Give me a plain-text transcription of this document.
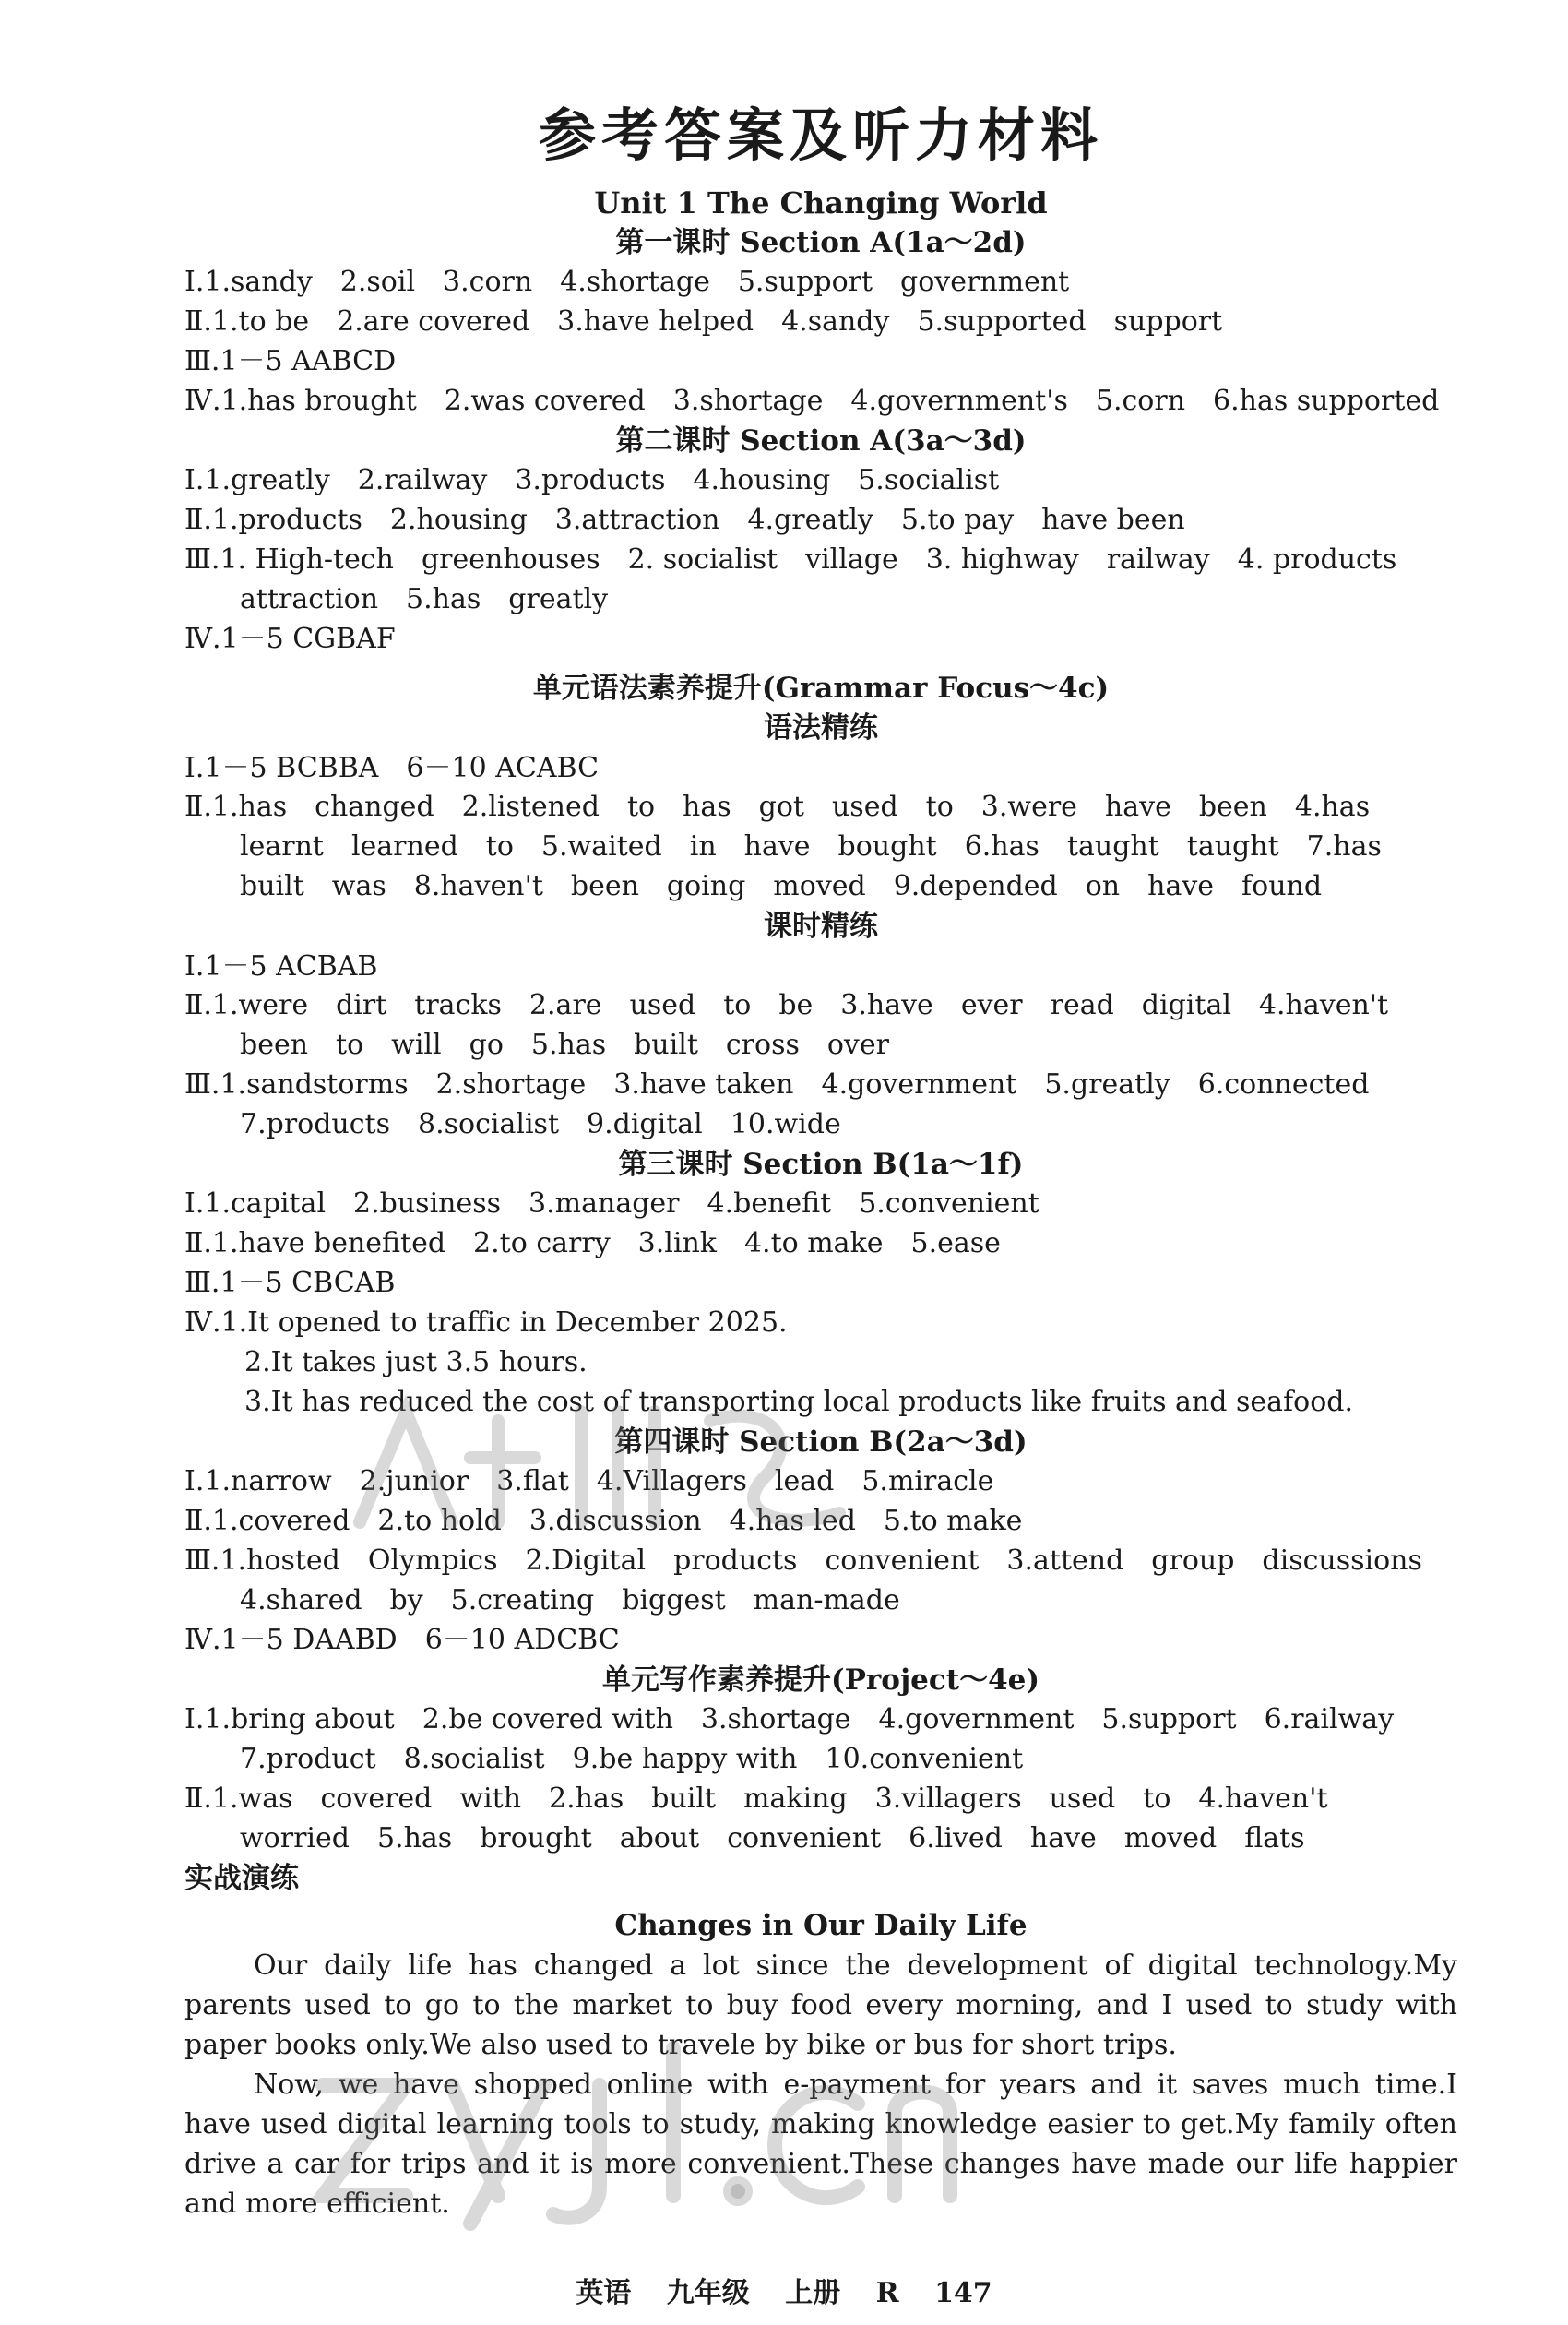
参考答案及听力材料
Unit 1 The Changing World
第一课时 Section A(1a～2d)
Ⅰ.1.sandy　2.soil　3.corn　4.shortage　5.support　government
Ⅱ.1.to be　2.are covered　3.have helped　4.sandy　5.supported　support
Ⅲ.1－5 AABCD
Ⅳ.1.has brought　2.was covered　3.shortage　4.government's　5.corn　6.has supported
第二课时 Section A(3a～3d)
Ⅰ.1.greatly　2.railway　3.products　4.housing　5.socialist
Ⅱ.1.products　2.housing　3.attraction　4.greatly　5.to pay　have been
Ⅲ.1. High-tech　greenhouses　2. socialist　village　3. highway　railway　4. products
attraction　5.has　greatly
Ⅳ.1－5 CGBAF
单元语法素养提升(Grammar Focus～4c)
语法精练
Ⅰ.1－5 BCBBA　6－10 ACABC
Ⅱ.1.has　changed　2.listened　to　has　got　used　to　3.were　have　been　4.has
learnt　learned　to　5.waited　in　have　bought　6.has　taught　taught　7.has
built　was　8.haven't　been　going　moved　9.depended　on　have　found
课时精练
Ⅰ.1－5 ACBAB
Ⅱ.1.were　dirt　tracks　2.are　used　to　be　3.have　ever　read　digital　4.haven't
been　to　will　go　5.has　built　cross　over
Ⅲ.1.sandstorms　2.shortage　3.have taken　4.government　5.greatly　6.connected
7.products　8.socialist　9.digital　10.wide
第三课时 Section B(1a～1f)
Ⅰ.1.capital　2.business　3.manager　4.benefit　5.convenient
Ⅱ.1.have benefited　2.to carry　3.link　4.to make　5.ease
Ⅲ.1－5 CBCAB
Ⅳ.1.It opened to traffic in December 2025.
2.It takes just 3.5 hours.
3.It has reduced the cost of transporting local products like fruits and seafood.
第四课时 Section B(2a～3d)
Ⅰ.1.narrow　2.junior　3.flat　4.Villagers　lead　5.miracle
Ⅱ.1.covered　2.to hold　3.discussion　4.has led　5.to make
Ⅲ.1.hosted　Olympics　2.Digital　products　convenient　3.attend　group　discussions
4.shared　by　5.creating　biggest　man-made
Ⅳ.1－5 DAABD　6－10 ADCBC
单元写作素养提升(Project～4e)
Ⅰ.1.bring about　2.be covered with　3.shortage　4.government　5.support　6.railway
7.product　8.socialist　9.be happy with　10.convenient
Ⅱ.1.was　covered　with　2.has　built　making　3.villagers　used　to　4.haven't
worried　5.has　brought　about　convenient　6.lived　have　moved　flats
实战演练
Changes in Our Daily Life
Our daily life has changed a lot since the development of digital technology.My parents used to go to the market to buy food every morning, and I used to study with paper books only.We also used to travele by bike or bus for short trips.
Now, we have shopped online with e-payment for years and it saves much time.I have used digital learning tools to study, making knowledge easier to get.My family often drive a car for trips and it is more convenient.These changes have made our life happier and more efficient.
英语 九年级 上册 R 147
